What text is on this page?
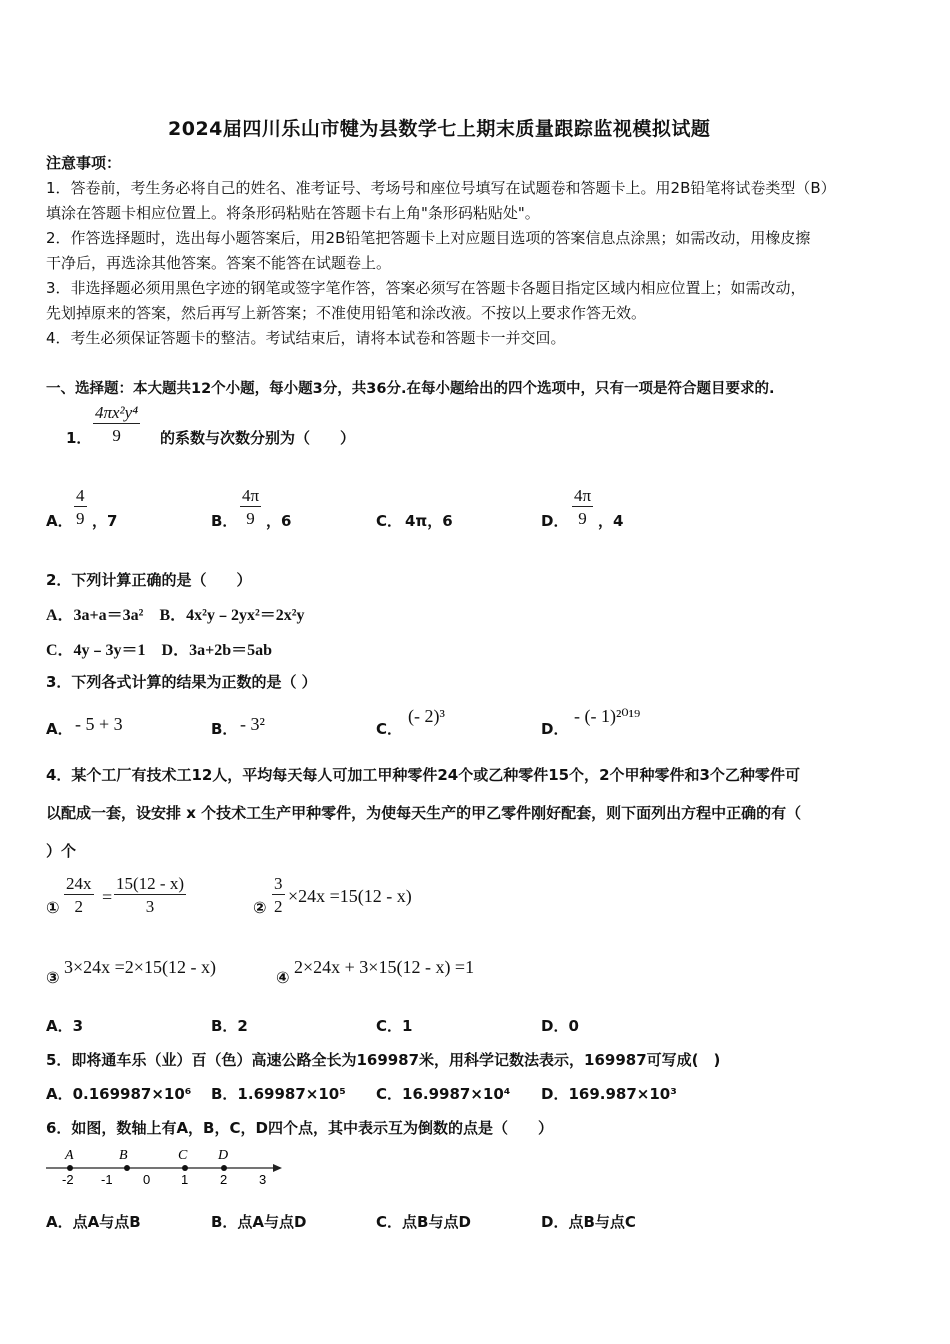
2024届四川乐山市犍为县数学七上期末质量跟踪监视模拟试题
注意事项：
1．答卷前，考生务必将自己的姓名、准考证号、考场号和座位号填写在试题卷和答题卡上。用2B铅笔将试卷类型（B）
填涂在答题卡相应位置上。将条形码粘贴在答题卡右上角"条形码粘贴处"。
2．作答选择题时，选出每小题答案后，用2B铅笔把答题卡上对应题目选项的答案信息点涂黑；如需改动，用橡皮擦
干净后，再选涂其他答案。答案不能答在试题卷上。
3．非选择题必须用黑色字迹的钢笔或签字笔作答，答案必须写在答题卡各题目指定区域内相应位置上；如需改动，
先划掉原来的答案，然后再写上新答案；不准使用铅笔和涂改液。不按以上要求作答无效。
4．考生必须保证答题卡的整洁。考试结束后，请将本试卷和答题卡一并交回。
一、选择题：本大题共12个小题，每小题3分，共36分.在每小题给出的四个选项中，只有一项是符合题目要求的.
1． $\frac{\text{4πx²y⁴}}{9}$ 的系数与次数分别为（　　）
A． $\frac{4}{9}$ ，7	B． $\frac{4\pi}{9}$ ，6	C． 4π，6	D． $\frac{4\pi}{9}$ ，4
2．下列计算正确的是（　　）
A．3a+a＝3a²　B．4x²y﹣2yx²＝2x²y
C．4y﹣3y＝1　D．3a+2b＝5ab
3．下列各式计算的结果为正数的是（ ）
A． - 5 + 3	B． - 3²	C．
(- 2)³
D．
- (- 1)²⁰¹⁹
4．某个工厂有技术工12人，平均每天每人可加工甲种零件24个或乙种零件15个，2个甲种零件和3个乙种零件可
以配成一套，设安排 x 个技术工生产甲种零件，为使每天生产的甲乙零件刚好配套，则下面列出方程中正确的有（
）个
① $\frac{24x}{2} = \frac{15(12 - x)}{3}$	② $\frac{3}{2} \times 24x =15(12 - x)$
③
3×24x =2×15(12 - x)
④
2×24x + 3×15(12 - x) =1
A．3	B．2	C．1	D．0
5．即将通车乐（业）百（色）高速公路全长为169987米，用科学记数法表示，169987可写成(　)
A．0.169987×10⁶ B．1.69987×10⁵ C．16.9987×10⁴ D．169.987×10³
6．如图，数轴上有A，B，C，D四个点，其中表示互为倒数的点是（　　）
A	B	C D
-2 -1 0 1 2 3
A．点A与点B	B．点A与点D	C．点B与点D	D．点B与点C
